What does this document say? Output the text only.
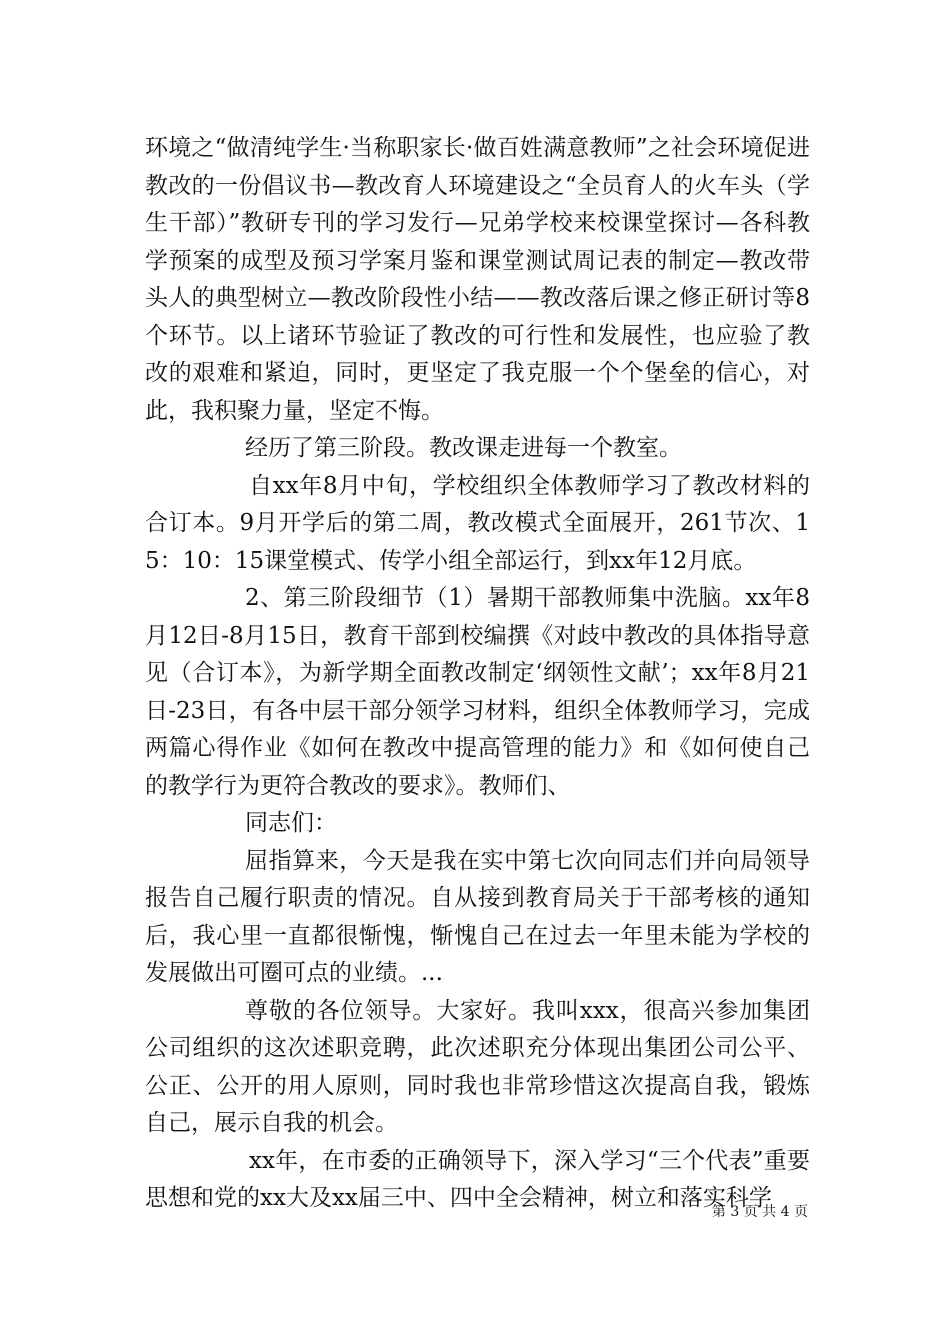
环境之“做清纯学生·当称职家长·做百姓满意教师”之社会环境促进教改的一份倡议书—教改育人环境建设之“全员育人的火车头（学生干部）”教研专刊的学习发行—兄弟学校来校课堂探讨—各科教学预案的成型及预习学案月鉴和课堂测试周记表的制定—教改带头人的典型树立—教改阶段性小结——教改落后课之修正研讨等8个环节。以上诸环节验证了教改的可行性和发展性，也应验了教改的艰难和紧迫，同时，更坚定了我克服一个个堡垒的信心，对此，我积聚力量，坚定不悔。

经历了第三阶段。教改课走进每一个教室。

自xx年8月中旬，学校组织全体教师学习了教改材料的合订本。9月开学后的第二周，教改模式全面展开，261节次、15：10：15课堂模式、传学小组全部运行，到xx年12月底。

2、第三阶段细节（1）暑期干部教师集中洗脑。xx年8月12日-8月15日，教育干部到校编撰《对歧中教改的具体指导意见（合订本》，为新学期全面教改制定‘纲领性文献’；xx年8月21日-23日，有各中层干部分领学习材料，组织全体教师学习，完成两篇心得作业《如何在教改中提高管理的能力》和《如何使自己的教学行为更符合教改的要求》。教师们、

同志们：

屈指算来，今天是我在实中第七次向同志们并向局领导报告自己履行职责的情况。自从接到教育局关于干部考核的通知后，我心里一直都很惭愧，惭愧自己在过去一年里未能为学校的发展做出可圈可点的业绩。...

尊敬的各位领导。大家好。我叫xxx，很高兴参加集团公司组织的这次述职竞聘，此次述职充分体现出集团公司公平、公正、公开的用人原则，同时我也非常珍惜这次提高自我，锻炼自己，展示自我的机会。

xx年，在市委的正确领导下，深入学习“三个代表”重要思想和党的xx大及xx届三中、四中全会精神，树立和落实科学

第 3 页 共 4 页
